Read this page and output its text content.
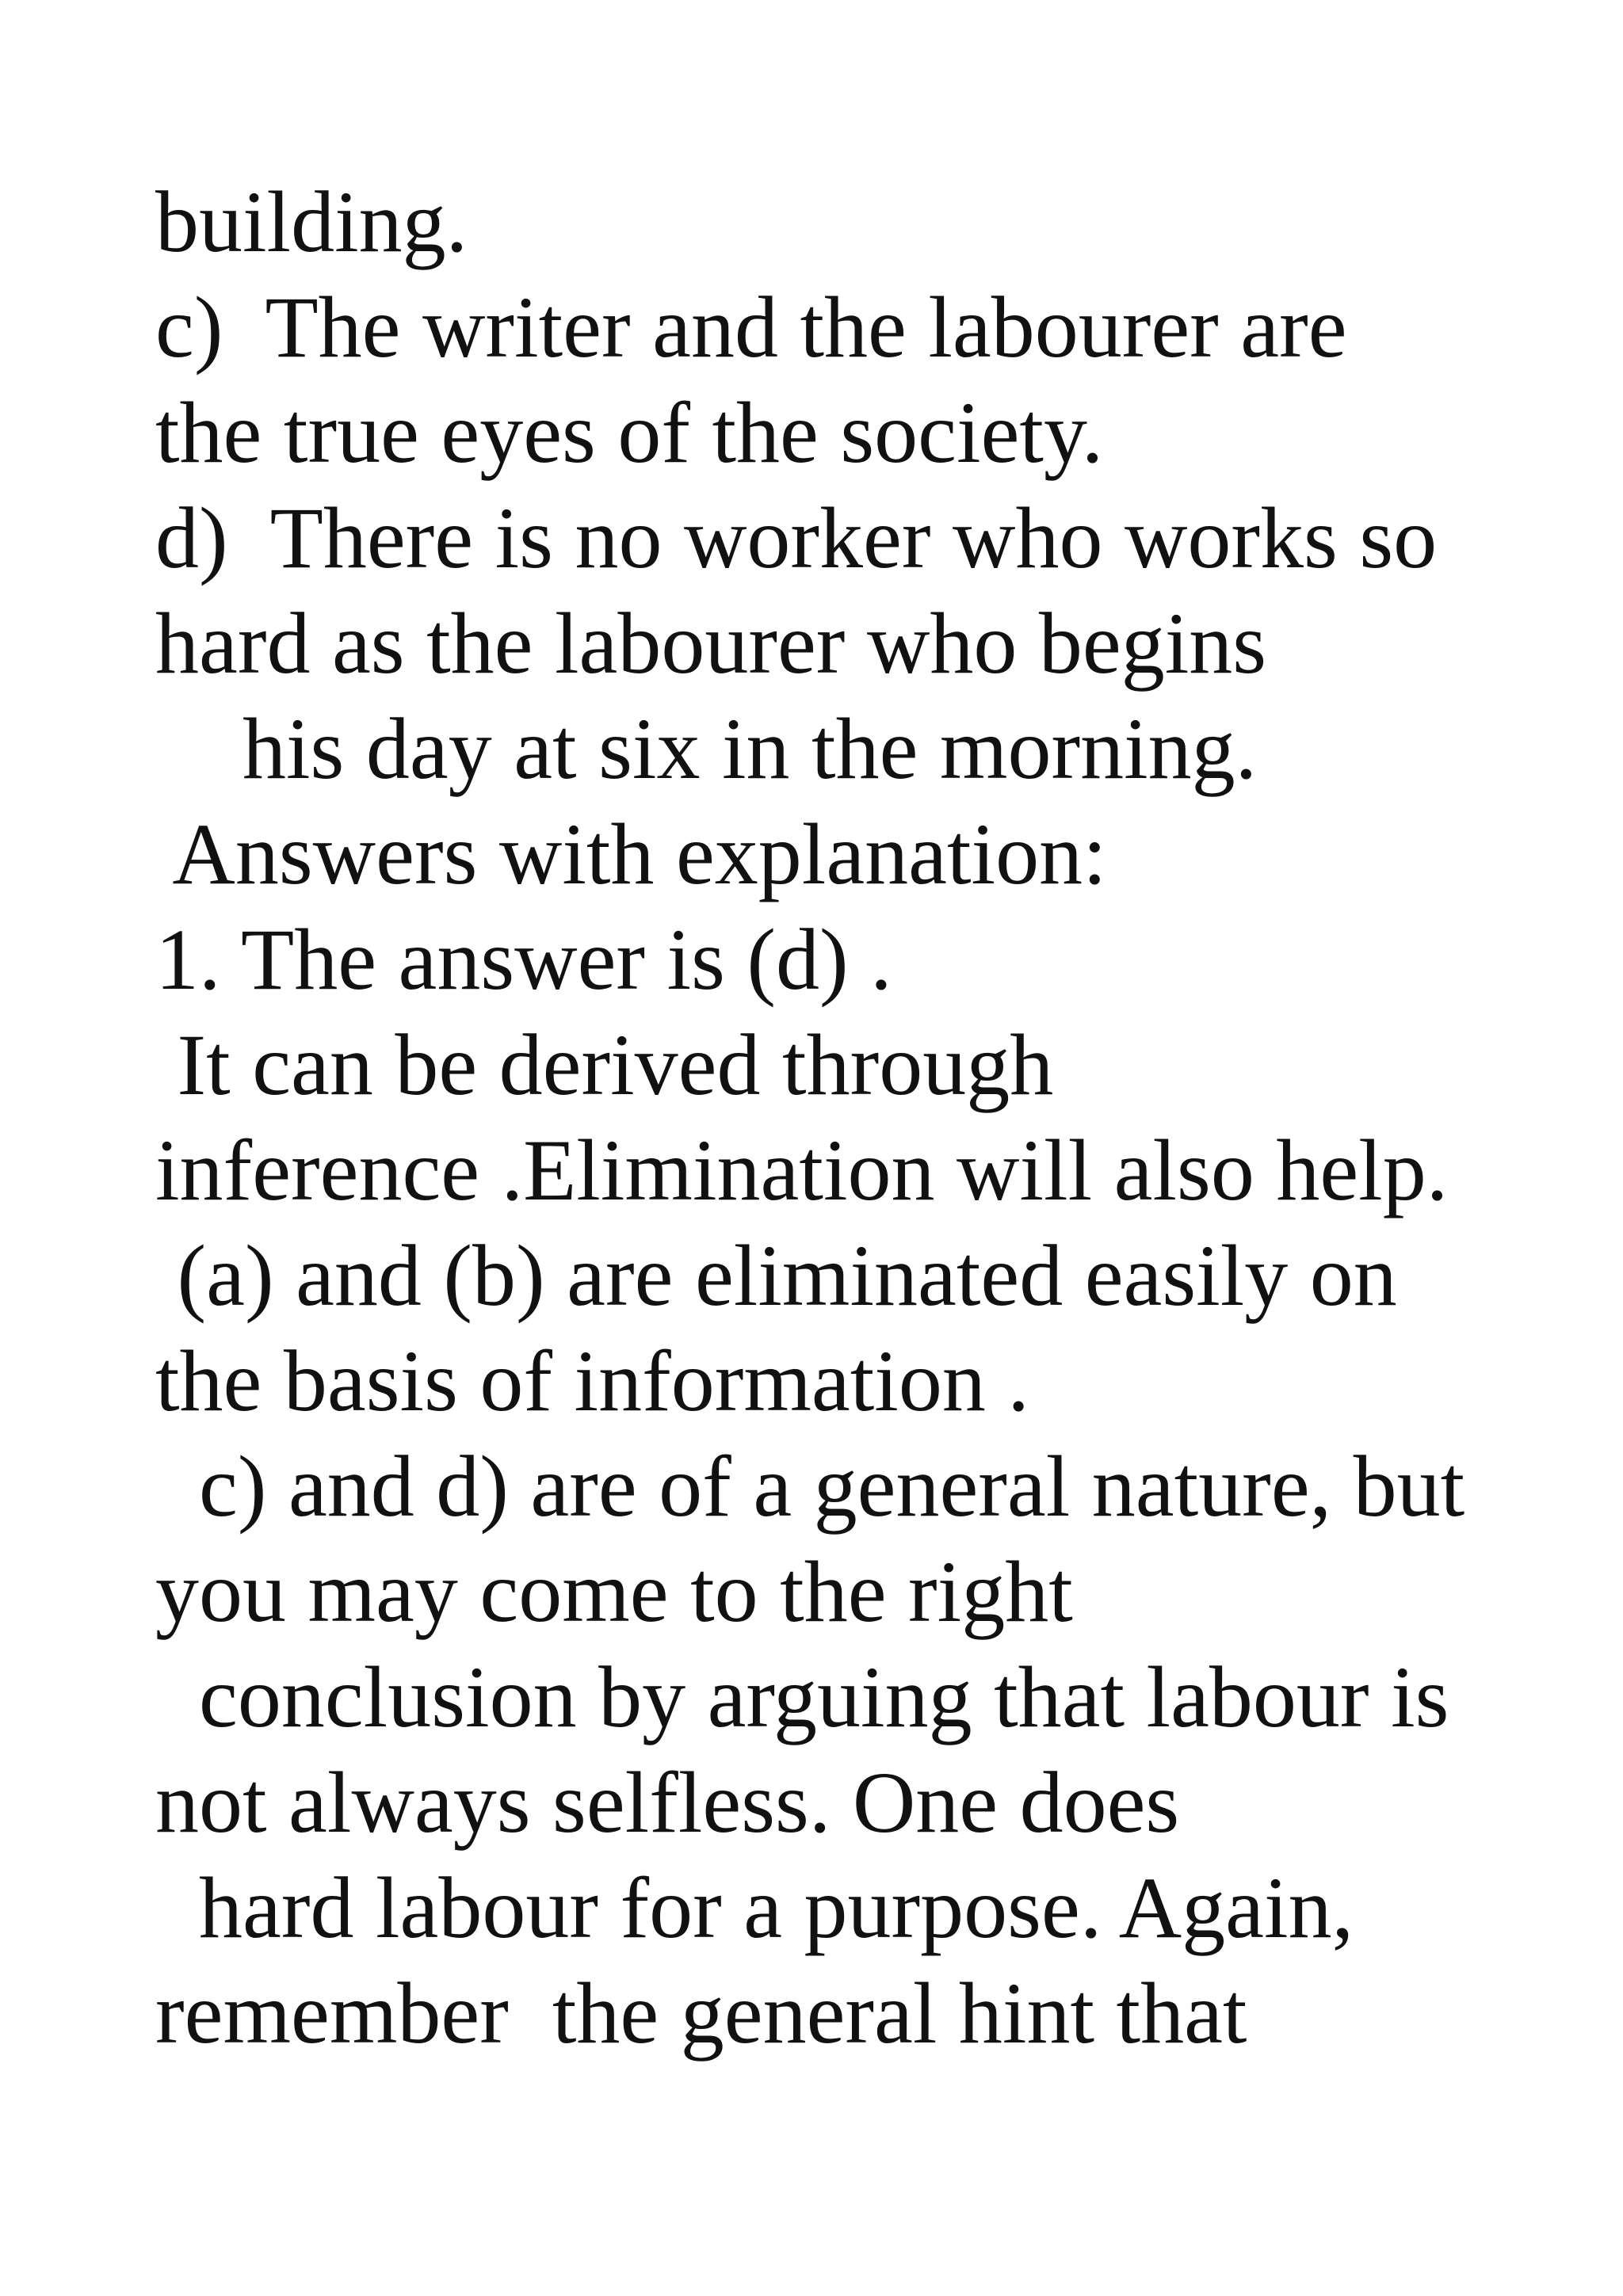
building.
c)  The writer and the labourer are
the true eyes of the society.
d)  There is no worker who works so
hard as the labourer who begins
his day at six in the morning.
Answers with explanation:
1. The answer is (d) .
It can be derived through
inference .Elimination will also help.
(a) and (b) are eliminated easily on
the basis of information .
c) and d) are of a general nature, but
you may come to the right
conclusion by arguing that labour is
not always selfless. One does
hard labour for a purpose. Again,
remember  the general hint that
